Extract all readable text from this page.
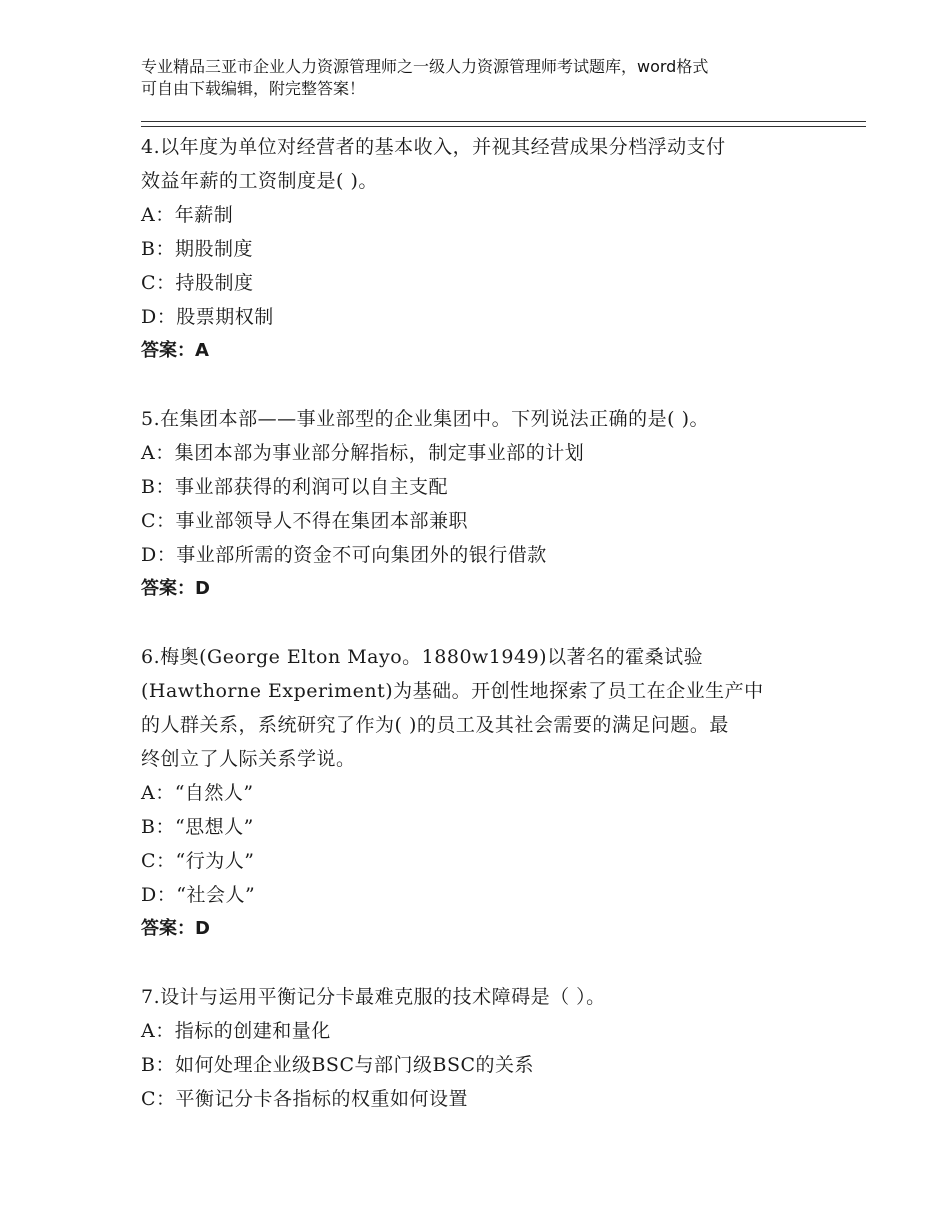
专业精品三亚市企业人力资源管理师之一级人力资源管理师考试题库，word格式
可自由下载编辑，附完整答案！
4.以年度为单位对经营者的基本收入，并视其经营成果分档浮动支付
效益年薪的工资制度是( )。
A：年薪制
B：期股制度
C：持股制度
D：股票期权制
答案：A
5.在集团本部——事业部型的企业集团中。下列说法正确的是( )。
A：集团本部为事业部分解指标，制定事业部的计划
B：事业部获得的利润可以自主支配
C：事业部领导人不得在集团本部兼职
D：事业部所需的资金不可向集团外的银行借款
答案：D
6.梅奥(George Elton Mayo。1880w1949)以著名的霍桑试验
(Hawthorne Experiment)为基础。开创性地探索了员工在企业生产中
的人群关系，系统研究了作为( )的员工及其社会需要的满足问题。最
终创立了人际关系学说。
A：“自然人”
B：“思想人”
C：“行为人”
D：“社会人”
答案：D
7.设计与运用平衡记分卡最难克服的技术障碍是（ ）。
A：指标的创建和量化
B：如何处理企业级BSC与部门级BSC的关系
C：平衡记分卡各指标的权重如何设置
